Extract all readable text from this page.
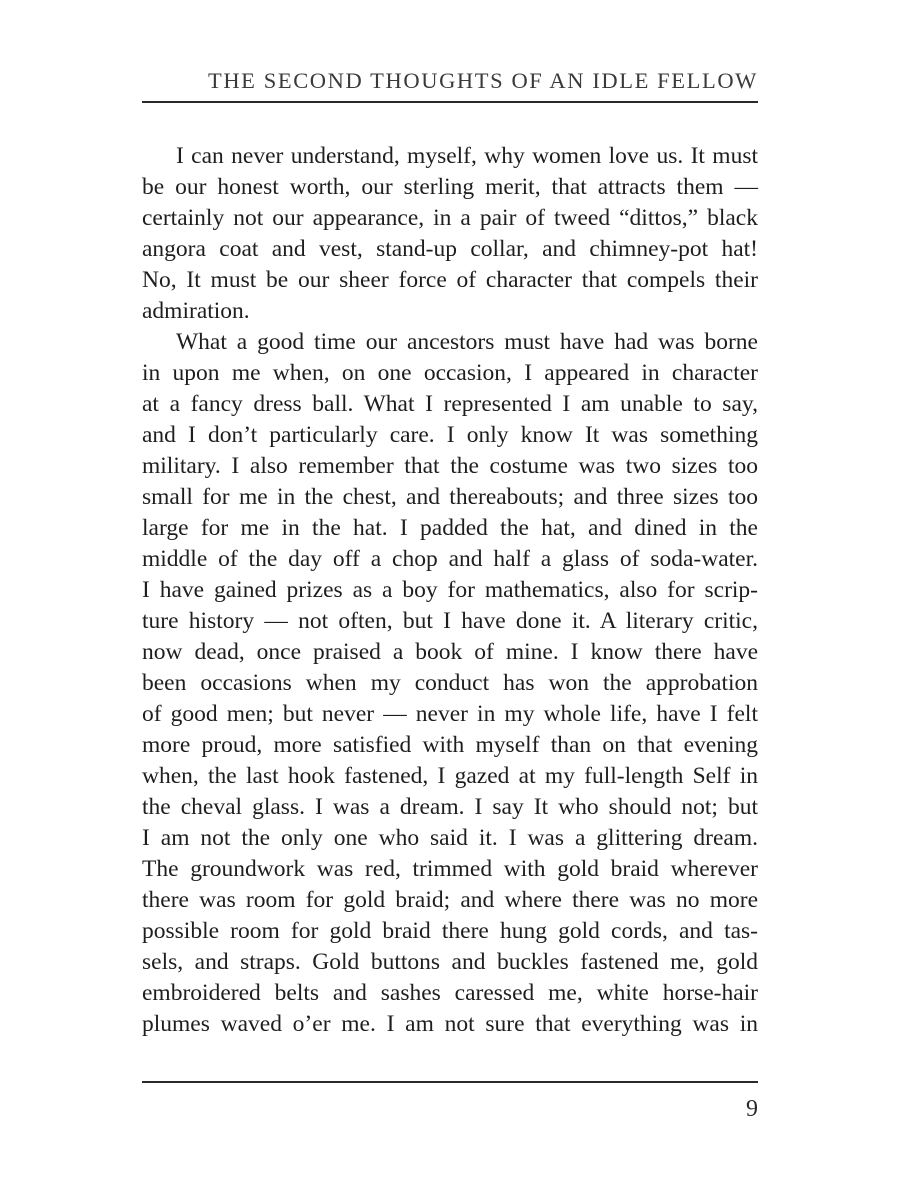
THE SECOND THOUGHTS OF AN IDLE FELLOW
I can never understand, myself, why women love us. It must
be our honest worth, our sterling merit, that attracts them —
certainly not our appearance, in a pair of tweed “dittos,” black
angora coat and vest, stand-up collar, and chimney-pot hat!
No, It must be our sheer force of character that compels their
admiration.
What a good time our ancestors must have had was borne
in upon me when, on one occasion, I appeared in character
at a fancy dress ball. What I represented I am unable to say,
and I don’t particularly care. I only know It was something
military. I also remember that the costume was two sizes too
small for me in the chest, and thereabouts; and three sizes too
large for me in the hat. I padded the hat, and dined in the
middle of the day off a chop and half a glass of soda-water.
I have gained prizes as a boy for mathematics, also for scrip-
ture history — not often, but I have done it. A literary critic,
now dead, once praised a book of mine. I know there have
been occasions when my conduct has won the approbation
of good men; but never — never in my whole life, have I felt
more proud, more satisfied with myself than on that evening
when, the last hook fastened, I gazed at my full-length Self in
the cheval glass. I was a dream. I say It who should not; but
I am not the only one who said it. I was a glittering dream.
The groundwork was red, trimmed with gold braid wherever
there was room for gold braid; and where there was no more
possible room for gold braid there hung gold cords, and tas-
sels, and straps. Gold buttons and buckles fastened me, gold
embroidered belts and sashes caressed me, white horse-hair
plumes waved o’er me. I am not sure that everything was in
9
